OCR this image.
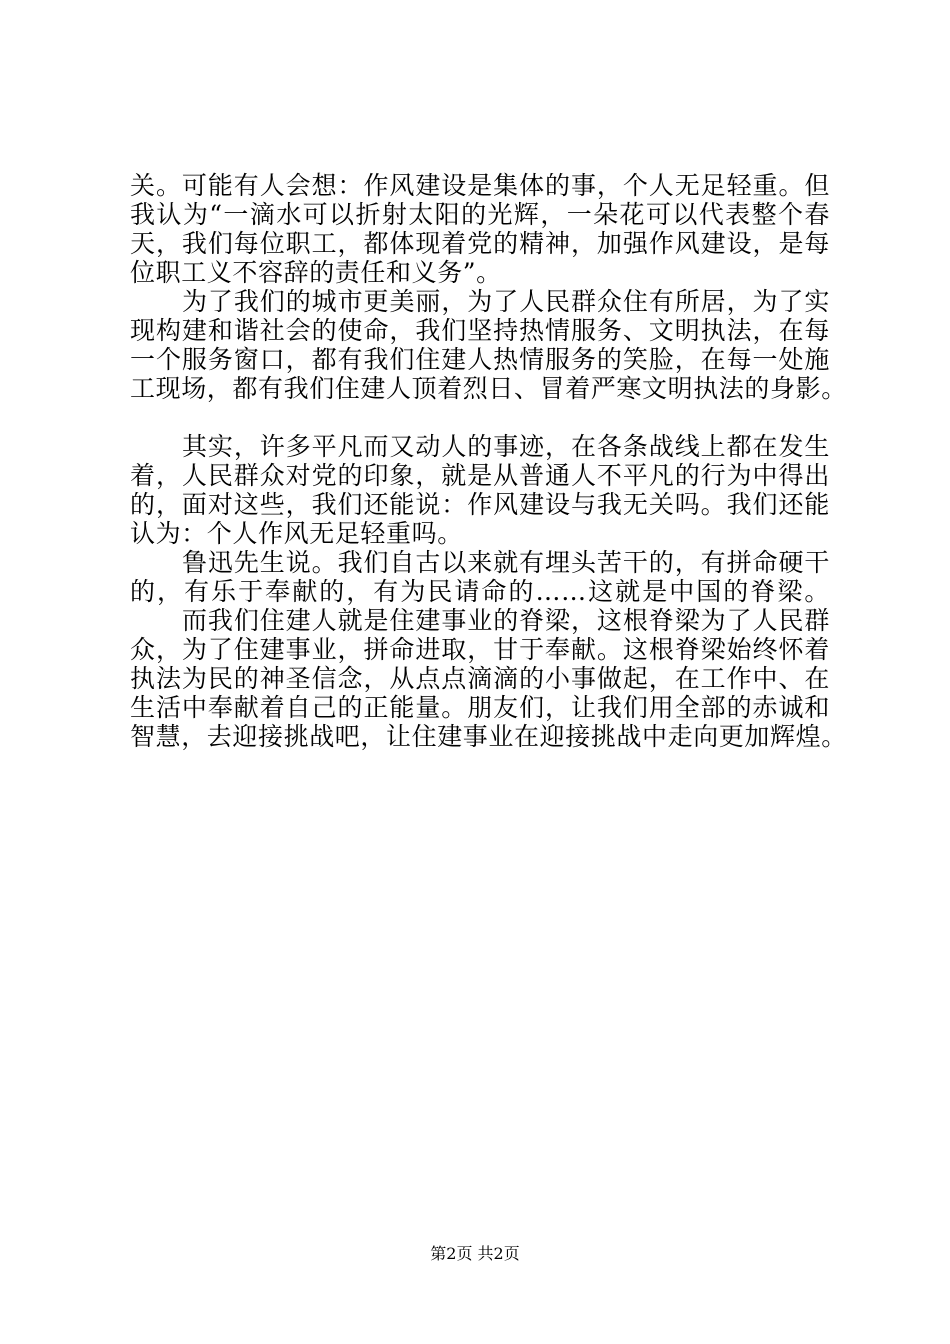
关。可能有人会想：作风建设是集体的事，个人无足轻重。但
我认为“一滴水可以折射太阳的光辉，一朵花可以代表整个春
天，我们每位职工，都体现着党的精神，加强作风建设，是每
位职工义不容辞的责任和义务”。
为了我们的城市更美丽，为了人民群众住有所居，为了实
现构建和谐社会的使命，我们坚持热情服务、文明执法，在每
一个服务窗口，都有我们住建人热情服务的笑脸，在每一处施
工现场，都有我们住建人顶着烈日、冒着严寒文明执法的身影。
其实，许多平凡而又动人的事迹，在各条战线上都在发生
着，人民群众对党的印象，就是从普通人不平凡的行为中得出
的，面对这些，我们还能说：作风建设与我无关吗。我们还能
认为：个人作风无足轻重吗。
鲁迅先生说。我们自古以来就有埋头苦干的，有拼命硬干
的，有乐于奉献的，有为民请命的……这就是中国的脊梁。
而我们住建人就是住建事业的脊梁，这根脊梁为了人民群
众，为了住建事业，拼命进取，甘于奉献。这根脊梁始终怀着
执法为民的神圣信念，从点点滴滴的小事做起，在工作中、在
生活中奉献着自己的正能量。朋友们，让我们用全部的赤诚和
智慧，去迎接挑战吧，让住建事业在迎接挑战中走向更加辉煌。
第2页 共2页
